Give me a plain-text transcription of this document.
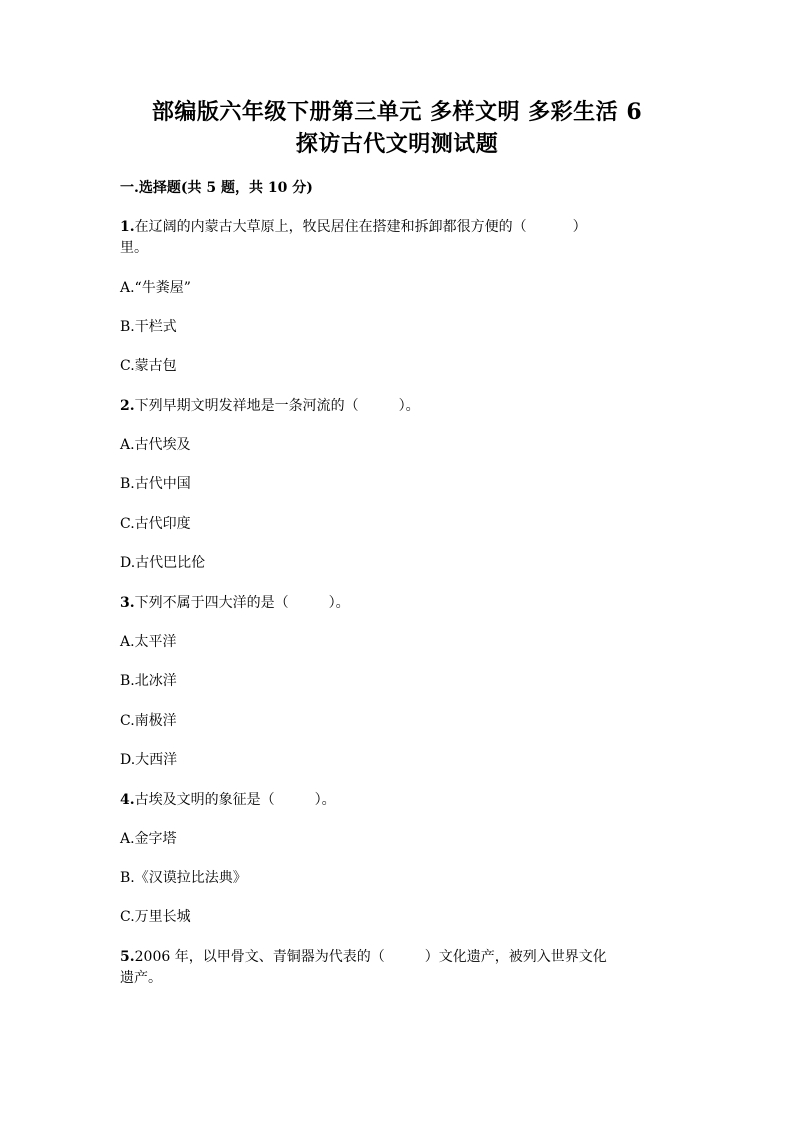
部编版六年级下册第三单元 多样文明 多彩生活 6
探访古代文明测试题
一.选择题(共 5 题，共 10 分)
1.在辽阔的内蒙古大草原上，牧民居住在搭建和拆卸都很方便的（	）
里。
A.“牛粪屋”
B.干栏式
C.蒙古包
2.下列早期文明发祥地是一条河流的（	）。
A.古代埃及
B.古代中国
C.古代印度
D.古代巴比伦
3.下列不属于四大洋的是（	）。
A.太平洋
B.北冰洋
C.南极洋
D.大西洋
4.古埃及文明的象征是（	）。
A.金字塔
B.《汉谟拉比法典》
C.万里长城
5.2006 年，以甲骨文、青铜器为代表的（	）文化遗产，被列入世界文化
遗产。
